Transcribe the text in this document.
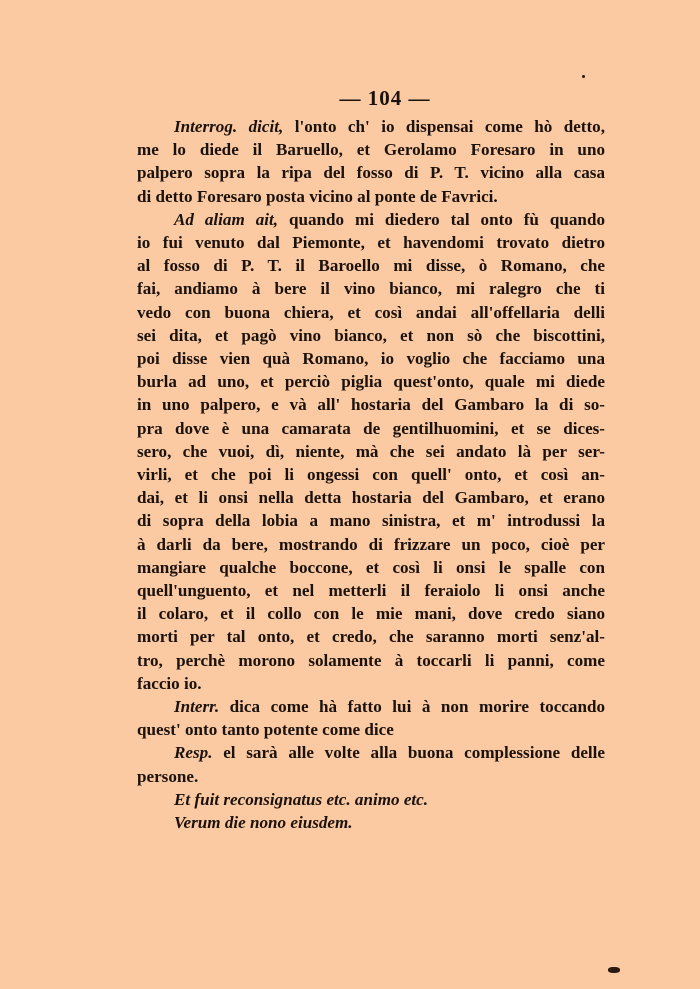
— 104 —

Interrog. dicit, l'onto ch' io dispensai come hò detto,
me lo diede il Baruello, et Gerolamo Foresaro in uno
palpero sopra la ripa del fosso di P. T. vicino alla casa
di detto Foresaro posta vicino al ponte de Favrici.

Ad aliam ait, quando mi diedero tal onto fù quando
io fui venuto dal Piemonte, et havendomi trovato dietro
al fosso di P. T. il Baroello mi disse, ò Romano, che
fai, andiamo à bere il vino bianco, mi ralegro che ti
vedo con buona chiera, et così andai all'offellaria delli
sei dita, et pagò vino bianco, et non sò che biscottini,
poi disse vien quà Romano, io voglio che facciamo una
burla ad uno, et perciò piglia quest'onto, quale mi diede
in uno palpero, e và all' hostaria del Gambaro la di so-
pra dove è una camarata de gentilhuomini, et se dices-
sero, che vuoi, dì, niente, mà che sei andato là per ser-
virli, et che poi li ongessi con quell' onto, et così an-
dai, et li onsi nella detta hostaria del Gambaro, et erano
di sopra della lobia a mano sinistra, et m' introdussi la
à darli da bere, mostrando di frizzare un poco, cioè per
mangiare qualche boccone, et così li onsi le spalle con
quell'unguento, et nel metterli il feraiolo li onsi anche
il colaro, et il collo con le mie mani, dove credo siano
morti per tal onto, et credo, che saranno morti senz'al-
tro, perchè morono solamente à toccarli li panni, come
faccio io.

Interr. dica come hà fatto lui à non morire toccando
quest' onto tanto potente come dice

Resp. el sarà alle volte alla buona complessione delle
persone.

Et fuit reconsignatus etc. animo etc.
Verum die nono eiusdem.
